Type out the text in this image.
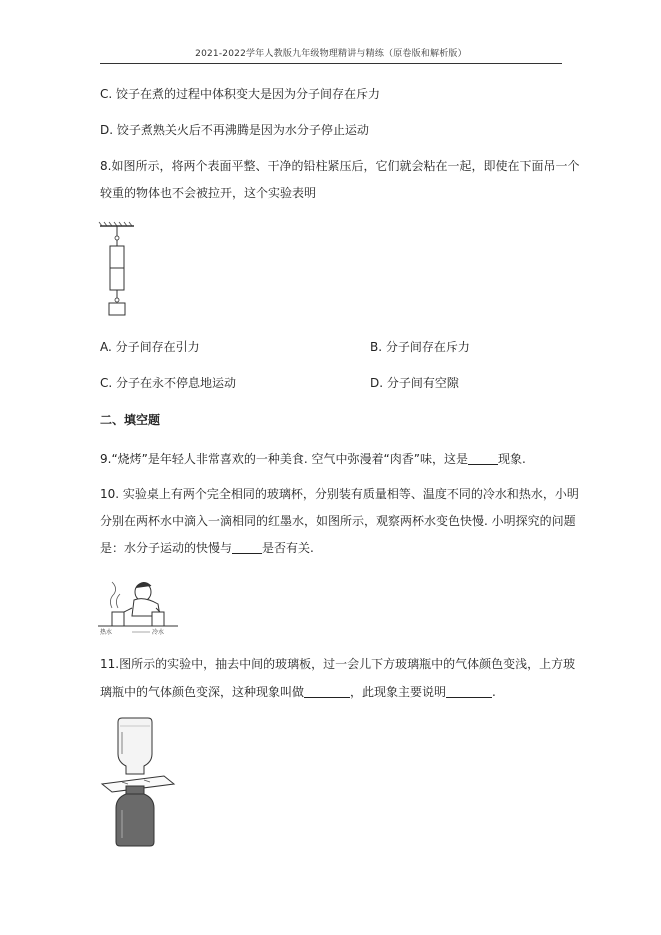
2021-2022学年人教版九年级物理精讲与精练（原卷版和解析版）
C. 饺子在煮的过程中体积变大是因为分子间存在斥力
D. 饺子煮熟关火后不再沸腾是因为水分子停止运动
8.如图所示，将两个表面平整、干净的铅柱紧压后，它们就会粘在一起，即使在下面吊一个
较重的物体也不会被拉开，这个实验表明
A. 分子间存在引力	B. 分子间存在斥力
C. 分子在永不停息地运动	D. 分子间有空隙
二、填空题
9.“烧烤”是年轻人非常喜欢的一种美食. 空气中弥漫着“肉香”味，这是	现象.
10. 实验桌上有两个完全相同的玻璃杯，分别装有质量相等、温度不同的冷水和热水，小明
分别在两杯水中滴入一滴相同的红墨水，如图所示，观察两杯水变色快慢. 小明探究的问题
是：水分子运动的快慢与	是否有关.
热水	冷水
11.图所示的实验中，抽去中间的玻璃板，过一会儿下方玻璃瓶中的气体颜色变浅，上方玻
璃瓶中的气体颜色变深，这种现象叫做	，此现象主要说明	.
